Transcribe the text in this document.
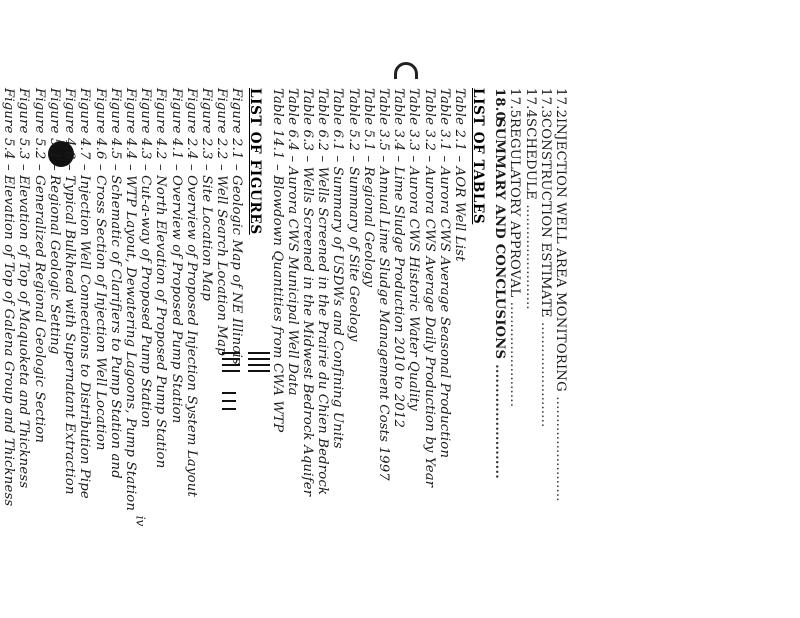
17.2INJECTION WELL AREA MONITORING ........................
17.3CONSTRUCTION ESTIMATE ........................
17.4SCHEDULE ........................
17.5REGULATORY APPROVAL ........................
18.0SUMMARY AND CONCLUSIONS ........................
LIST OF TABLES
Table 2.1 – AOR Well List
Table 3.1 – Aurora CWS Average Seasonal Production
Table 3.2 – Aurora CWS Average Daily Production by Year
Table 3.3 – Aurora CWS Historic Water Quality
Table 3.4 – Lime Sludge Production 2010 to 2012
Table 3.5 – Annual Lime Sludge Management Costs 1997
Table 5.1 – Regional Geology
Table 5.2 – Summary of Site Geology
Table 6.1 – Summary of USDWs and Confining Units
Table 6.2 – Wells Screened in the Prairie du Chien Bedrock
Table 6.3 – Wells Screened in the Midwest Bedrock Aquifer
Table 6.4 – Aurora CWS Municipal Well Data
Table 14.1 – Blowdown Quantities from CWA WTP
LIST OF FIGURES
Figure 2.1 – Geologic Map of NE Illinois
Figure 2.2 – Well Search Location Map
Figure 2.3 – Site Location Map
Figure 2.4 – Overview of Proposed Injection System Layout
Figure 4.1 – Overview of Proposed Pump Station
Figure 4.2 – North Elevation of Proposed Pump Station
Figure 4.3 – Cut-a-way of Proposed Pump Station
Figure 4.4 – WTP Layout, Dewatering Lagoons, Pump Station
Figure 4.5 – Schematic of Clarifiers to Pump Station and
Figure 4.6 – Cross Section of Injection Well Location
Figure 4.7 – Injection Well Connections to Distribution Pipe
Figure 4.8 – Typical Bulkhead with Supernatant Extraction
Figure 5.1 – Regional Geologic Setting
Figure 5.2 – Generalized Regional Geologic Section
Figure 5.3 – Elevation of Top of Maquoketa and Thickness
Figure 5.4 – Elevation of Top of Galena Group and Thickness
iv
